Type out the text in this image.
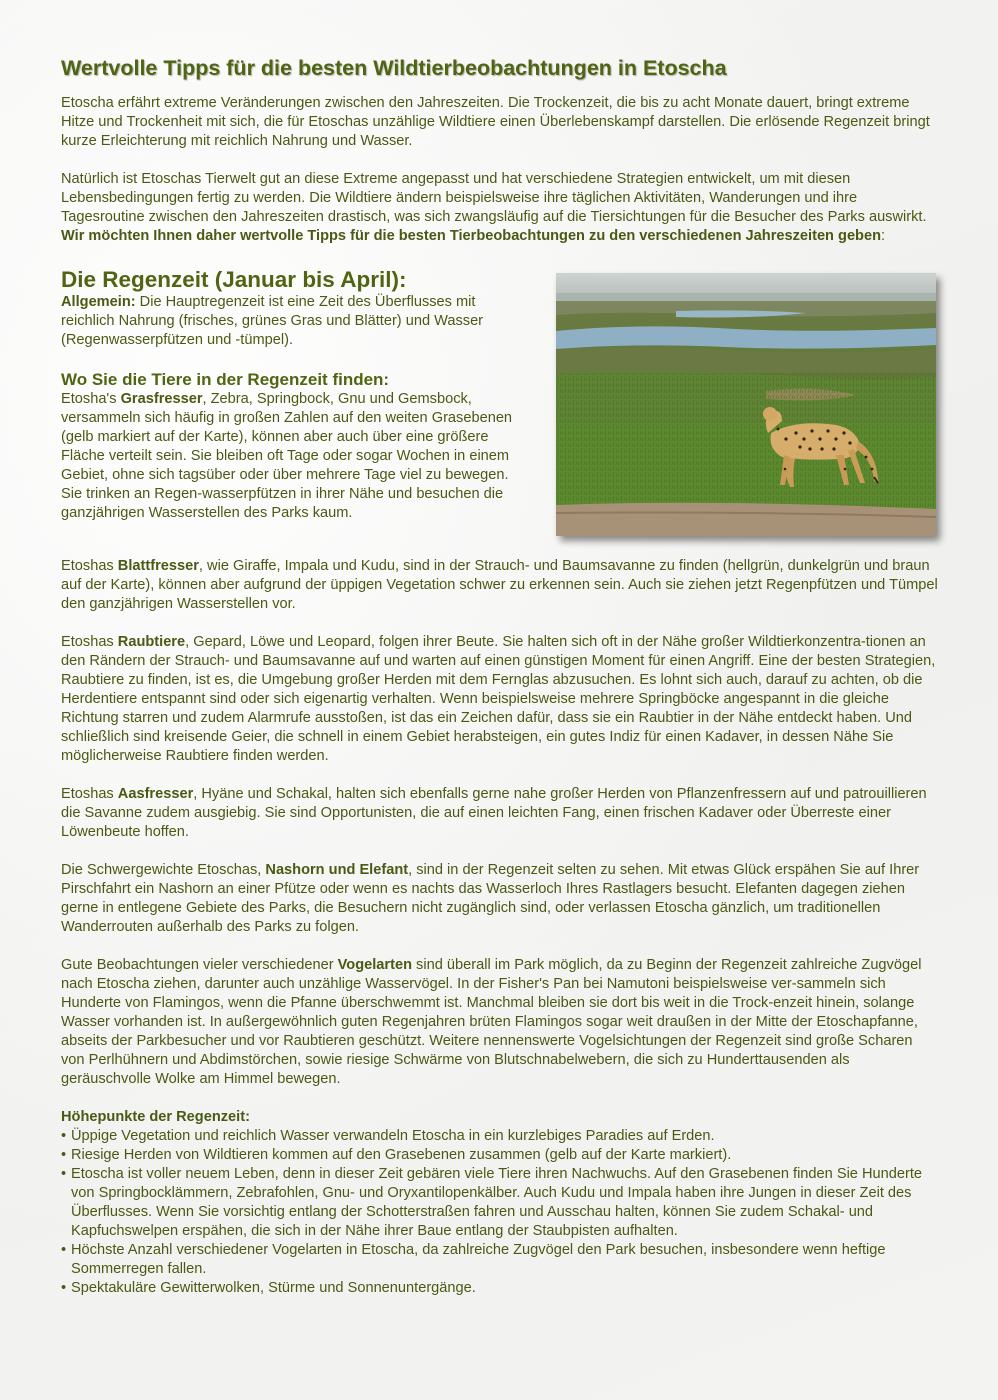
Wertvolle Tipps für die besten Wildtierbeobachtungen in Etoscha

Etoscha erfährt extreme Veränderungen zwischen den Jahreszeiten. Die Trockenzeit, die bis zu acht Monate dauert, bringt extreme Hitze und Trockenheit mit sich, die für Etoschas unzählige Wildtiere einen Überlebenskampf darstellen. Die erlösende Regenzeit bringt kurze Erleichterung mit reichlich Nahrung und Wasser.

Natürlich ist Etoschas Tierwelt gut an diese Extreme angepasst und hat verschiedene Strategien entwickelt, um mit diesen Lebensbedingungen fertig zu werden. Die Wildtiere ändern beispielsweise ihre täglichen Aktivitäten, Wanderungen und ihre Tagesroutine zwischen den Jahreszeiten drastisch, was sich zwangsläufig auf die Tiersichtungen für die Besucher des Parks auswirkt. Wir möchten Ihnen daher wertvolle Tipps für die besten Tierbeobachtungen zu den verschiedenen Jahreszeiten geben:

Die Regenzeit (Januar bis April):

Allgemein: Die Hauptregenzeit ist eine Zeit des Überflusses mit reichlich Nahrung (frisches, grünes Gras und Blätter) und Wasser (Regenwasserpfützen und -tümpel).

Wo Sie die Tiere in der Regenzeit finden:

Etosha's Grasfresser, Zebra, Springbock, Gnu und Gemsbock, versammeln sich häufig in großen Zahlen auf den weiten Grasebenen (gelb markiert auf der Karte), können aber auch über eine größere Fläche verteilt sein. Sie bleiben oft Tage oder sogar Wochen in einem Gebiet, ohne sich tagsüber oder über mehrere Tage viel zu bewegen. Sie trinken an Regen-wasserpfützen in ihrer Nähe und besuchen die ganzjährigen Wasserstellen des Parks kaum.

Etoshas Blattfresser, wie Giraffe, Impala und Kudu, sind in der Strauch- und Baumsavanne zu finden (hellgrün, dunkelgrün und braun auf der Karte), können aber aufgrund der üppigen Vegetation schwer zu erkennen sein. Auch sie ziehen jetzt Regenpfützen und Tümpel den ganzjährigen Wasserstellen vor.

Etoshas Raubtiere, Gepard, Löwe und Leopard, folgen ihrer Beute. Sie halten sich oft in der Nähe großer Wildtierkonzentra-tionen an den Rändern der Strauch- und Baumsavanne auf und warten auf einen günstigen Moment für einen Angriff. Eine der besten Strategien, Raubtiere zu finden, ist es, die Umgebung großer Herden mit dem Fernglas abzusuchen. Es lohnt sich auch, darauf zu achten, ob die Herdentiere entspannt sind oder sich eigenartig verhalten. Wenn beispielsweise mehrere Springböcke angespannt in die gleiche Richtung starren und zudem Alarmrufe ausstoßen, ist das ein Zeichen dafür, dass sie ein Raubtier in der Nähe entdeckt haben. Und schließlich sind kreisende Geier, die schnell in einem Gebiet herabsteigen, ein gutes Indiz für einen Kadaver, in dessen Nähe Sie möglicherweise Raubtiere finden werden.

Etoshas Aasfresser, Hyäne und Schakal, halten sich ebenfalls gerne nahe großer Herden von Pflanzenfressern auf und patrouillieren die Savanne zudem ausgiebig. Sie sind Opportunisten, die auf einen leichten Fang, einen frischen Kadaver oder Überreste einer Löwenbeute hoffen.

Die Schwergewichte Etoschas, Nashorn und Elefant, sind in der Regenzeit selten zu sehen. Mit etwas Glück erspähen Sie auf Ihrer Pirschfahrt ein Nashorn an einer Pfütze oder wenn es nachts das Wasserloch Ihres Rastlagers besucht. Elefanten dagegen ziehen gerne in entlegene Gebiete des Parks, die Besuchern nicht zugänglich sind, oder verlassen Etoscha gänzlich, um traditionellen Wanderrouten außerhalb des Parks zu folgen.

Gute Beobachtungen vieler verschiedener Vogelarten sind überall im Park möglich, da zu Beginn der Regenzeit zahlreiche Zugvögel nach Etoscha ziehen, darunter auch unzählige Wasservögel. In der Fisher's Pan bei Namutoni beispielsweise ver-sammeln sich Hunderte von Flamingos, wenn die Pfanne überschwemmt ist. Manchmal bleiben sie dort bis weit in die Trock-enzeit hinein, solange Wasser vorhanden ist. In außergewöhnlich guten Regenjahren brüten Flamingos sogar weit draußen in der Mitte der Etoschapfanne, abseits der Parkbesucher und vor Raubtieren geschützt. Weitere nennenswerte Vogelsichtungen der Regenzeit sind große Scharen von Perlhühnern und Abdimstörchen, sowie riesige Schwärme von Blutschnabelwebern, die sich zu Hunderttausenden als geräuschvolle Wolke am Himmel bewegen.

Höhepunkte der Regenzeit:

• Üppige Vegetation und reichlich Wasser verwandeln Etoscha in ein kurzlebiges Paradies auf Erden.
• Riesige Herden von Wildtieren kommen auf den Grasebenen zusammen (gelb auf der Karte markiert).
• Etoscha ist voller neuem Leben, denn in dieser Zeit gebären viele Tiere ihren Nachwuchs. Auf den Grasebenen finden Sie Hunderte von Springbocklämmern, Zebrafohlen, Gnu- und Oryxantilopenkälber. Auch Kudu und Impala haben ihre Jungen in dieser Zeit des Überflusses. Wenn Sie vorsichtig entlang der Schotterstraßen fahren und Ausschau halten, können Sie zudem Schakal- und Kapfuchswelpen erspähen, die sich in der Nähe ihrer Baue entlang der Staubpisten aufhalten.
• Höchste Anzahl verschiedener Vogelarten in Etoscha, da zahlreiche Zugvögel den Park besuchen, insbesondere wenn heftige Sommerregen fallen.
• Spektakuläre Gewitterwolken, Stürme und Sonnenuntergänge.
